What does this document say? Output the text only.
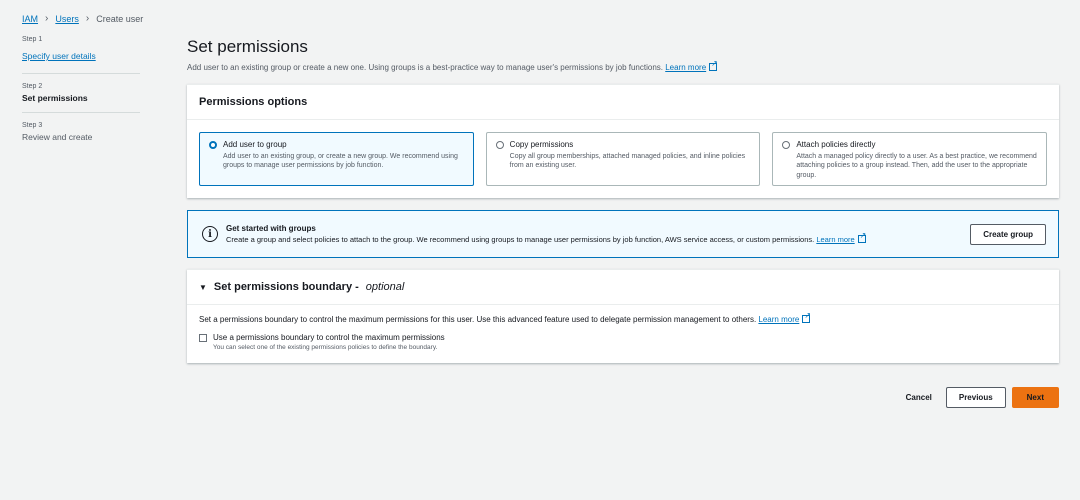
IAM › Users › Create user
Step 1
Specify user details
Step 2
Set permissions
Step 3
Review and create
Set permissions

Add user to an existing group or create a new one. Using groups is a best-practice way to manage user's permissions by job functions. Learn more↗

Permissions options
Add user to group
Add user to an existing group, or create a new group. We recommend using groups to manage user permissions by job function.
Copy permissions
Copy all group memberships, attached managed policies, and inline policies from an existing user.
Attach policies directly
Attach a managed policy directly to a user. As a best practice, we recommend attaching policies to a group instead. Then, add the user to the appropriate group.
i	Get started with groups
Create a group and select policies to attach to the group. We recommend using groups to manage user permissions by job function, AWS service access, or custom permissions. Learn more↗
Create group
▼ Set permissions boundary - optional

Set a permissions boundary to control the maximum permissions for this user. Use this advanced feature used to delegate permission management to others. Learn more↗

Use a permissions boundary to control the maximum permissions
You can select one of the existing permissions policies to define the boundary.
Cancel	Previous	Next
